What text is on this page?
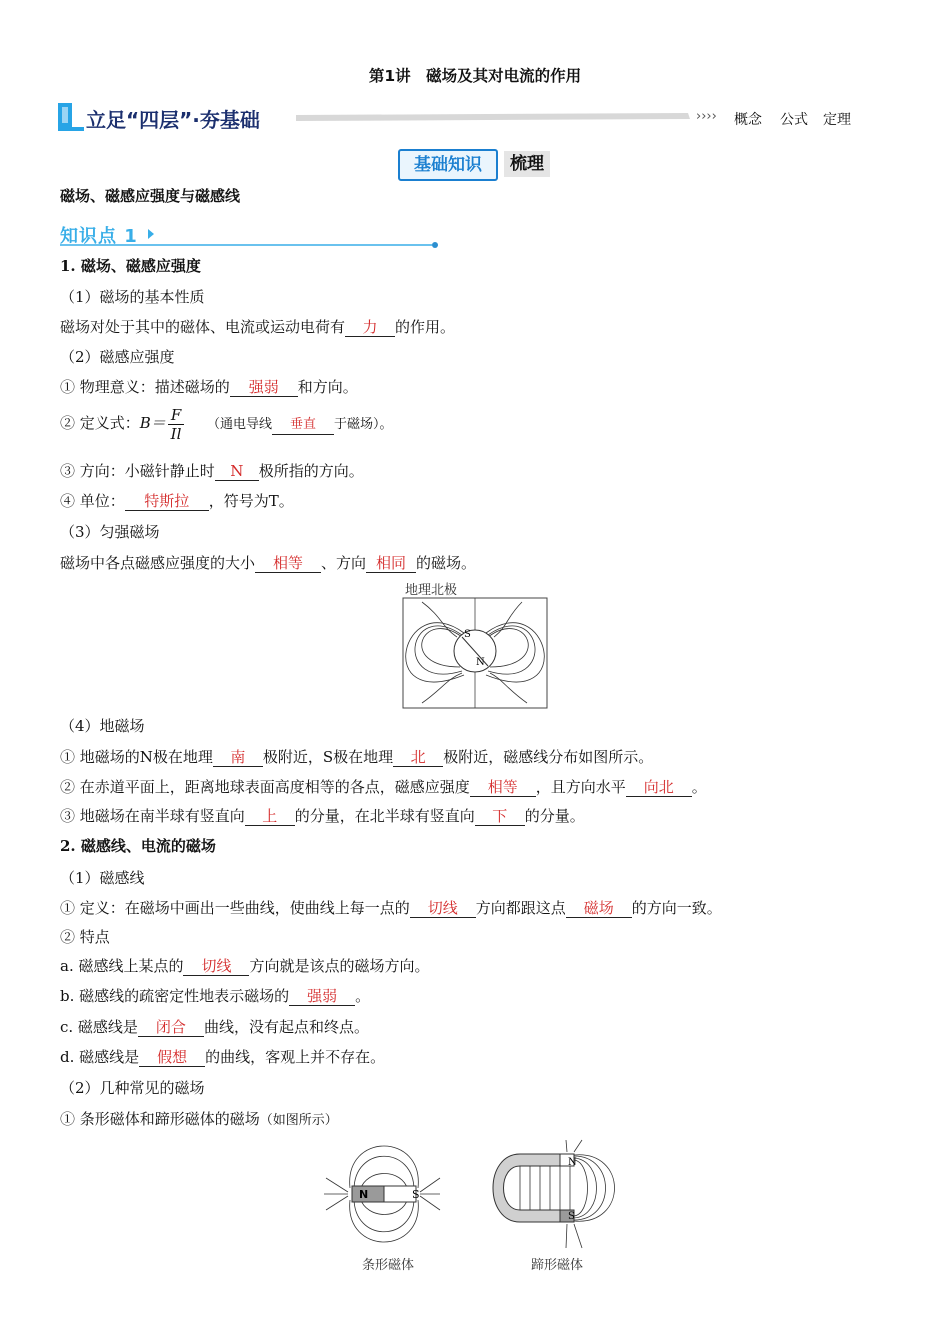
第1讲　磁场及其对电流的作用
立足“四层”·夯基础	›››› 概念 公式 定理
基础知识	梳理
磁场、磁感应强度与磁感线
知识点 1
1. 磁场、磁感应强度
（1）磁场的基本性质
磁场对处于其中的磁体、电流或运动电荷有 力 的作用。
（2）磁感应强度
① 物理意义：描述磁场的 强弱 和方向。
② 定义式：$B= \frac{F}{Il}$ （通电导线 垂直 于磁场）。
③ 方向：小磁针静止时 N 极所指的方向。
④ 单位： 特斯拉 ，符号为T。
（3）匀强磁场
磁场中各点磁感应强度的大小 相等 、方向 相同 的磁场。
地理北极
S
N
（4）地磁场
① 地磁场的N极在地理 南 极附近，S极在地理 北 极附近，磁感线分布如图所示。
② 在赤道平面上，距离地球表面高度相等的各点，磁感应强度 相等 ，且方向水平 向北 。
③ 地磁场在南半球有竖直向 上 的分量，在北半球有竖直向 下 的分量。
2. 磁感线、电流的磁场
（1）磁感线
① 定义：在磁场中画出一些曲线，使曲线上每一点的 切线 方向都跟这点 磁场 的方向一致。
② 特点
a. 磁感线上某点的 切线 方向就是该点的磁场方向。
b. 磁感线的疏密定性地表示磁场的 强弱 。
c. 磁感线是 闭合 曲线，没有起点和终点。
d. 磁感线是 假想 的曲线，客观上并不存在。
（2）几种常见的磁场
① 条形磁体和蹄形磁体的磁场（如图所示）
N	S
条形磁体
N
S
蹄形磁体
